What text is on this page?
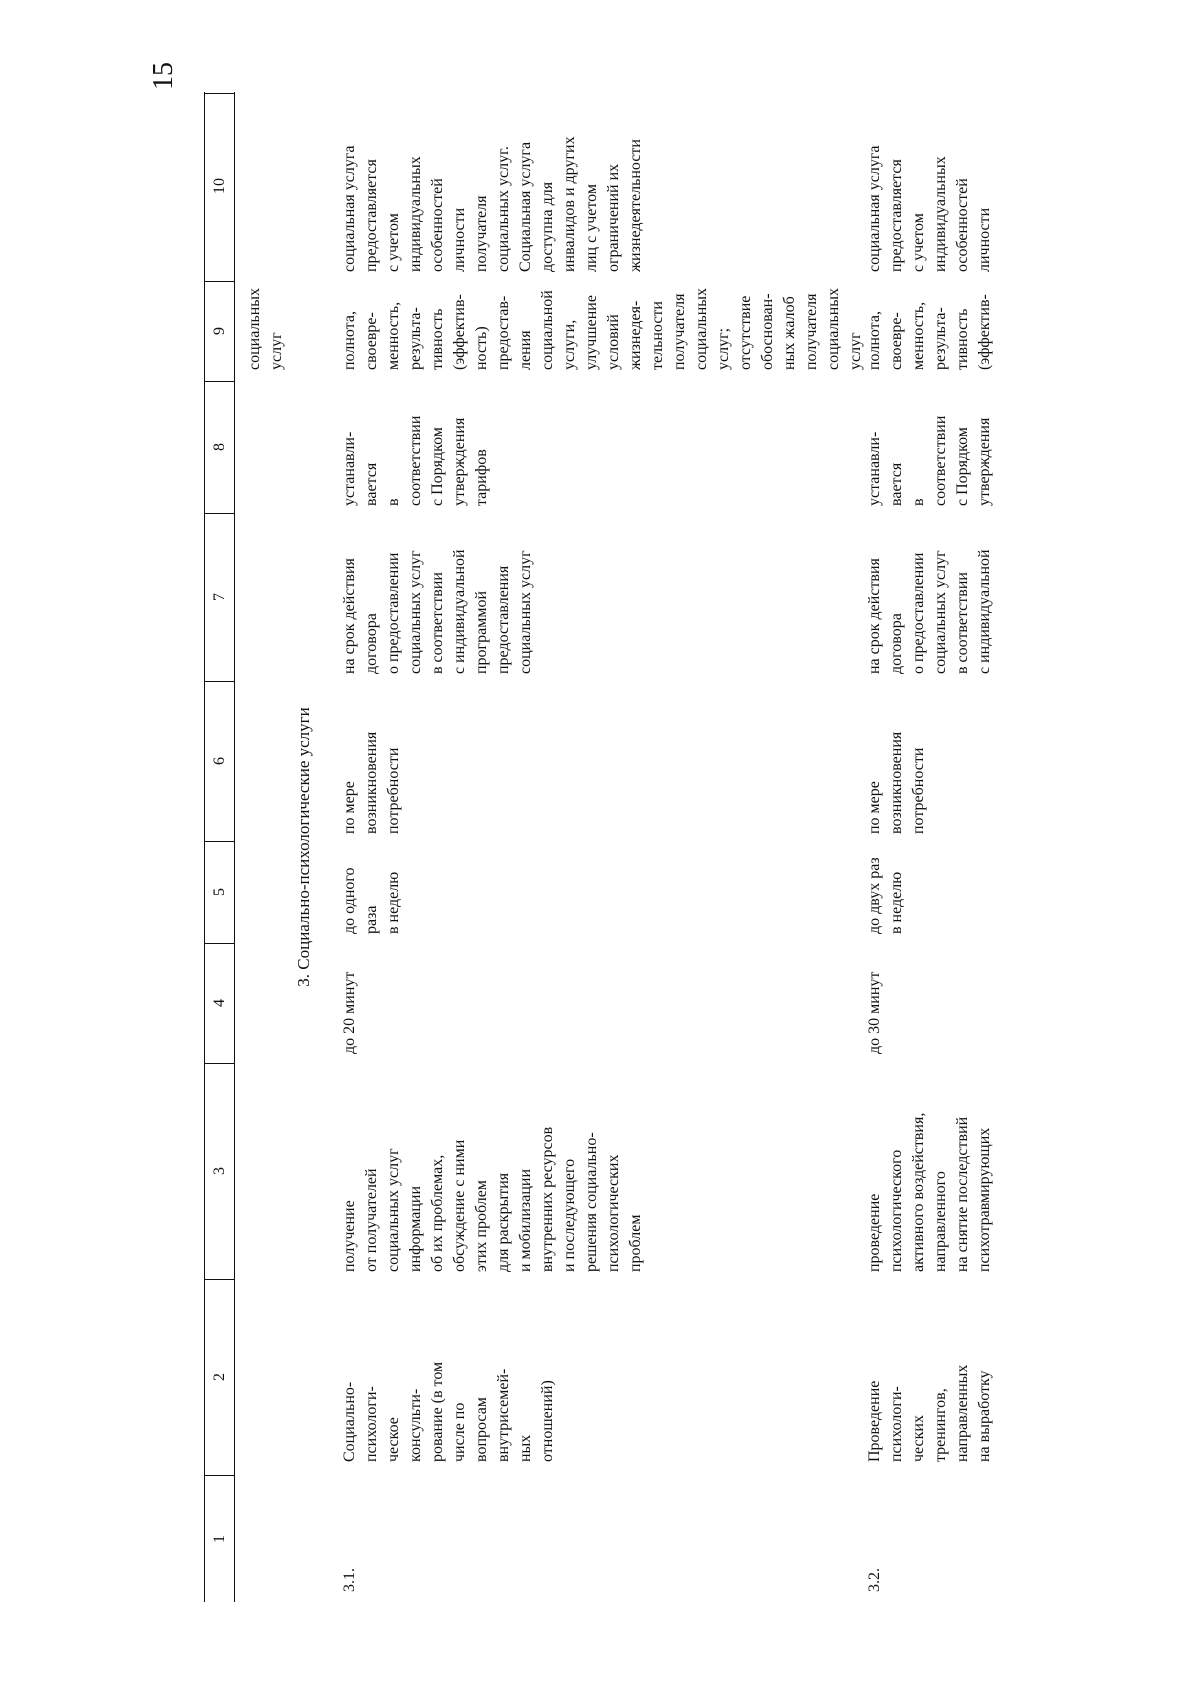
15
1
2
3
4
5
6
7
8
9
10
социальных
услуг
3. Социально-психологические услуги
3.1.
Социально- психологи- ческое консульти- рование (в том числе по вопросам внутрисемей- ных отношений)
получение от получателей социальных услуг информации об их проблемах, обсуждение с ними этих проблем для раскрытия и мобилизации внутренних ресурсов и последующего решения социально- психологических проблем
до 20 минут
до одного раза в неделю
по мере возникновения потребности
на срок действия договора о предоставлении социальных услуг в соответствии с индивидуальной программой предоставления социальных услуг
устанавли- вается в соответствии с Порядком утверждения тарифов
полнота, своевре- менность, результа- тивность (эффектив- ность) предостав- ления социальной услуги, улучшение условий жизнедея- тельности получателя социальных услуг; отсутствие обоснован- ных жалоб получателя социальных услуг
социальная услуга предоставляется с учетом индивидуальных особенностей личности получателя социальных услуг. Социальная услуга доступна для инвалидов и других лиц с учетом ограничений их жизнедеятельности
3.2.
Проведение психологи- ческих тренингов, направленных на выработку
проведение психологического активного воздействия, направленного на снятие последствий психотравмирующих
до 30 минут
до двух раз в неделю
по мере возникновения потребности
на срок действия договора о предоставлении социальных услуг в соответствии с индивидуальной
устанавли- вается в соответствии с Порядком утверждения
полнота, своевре- менность, результа- тивность (эффектив-
социальная услуга предоставляется с учетом индивидуальных особенностей личности
